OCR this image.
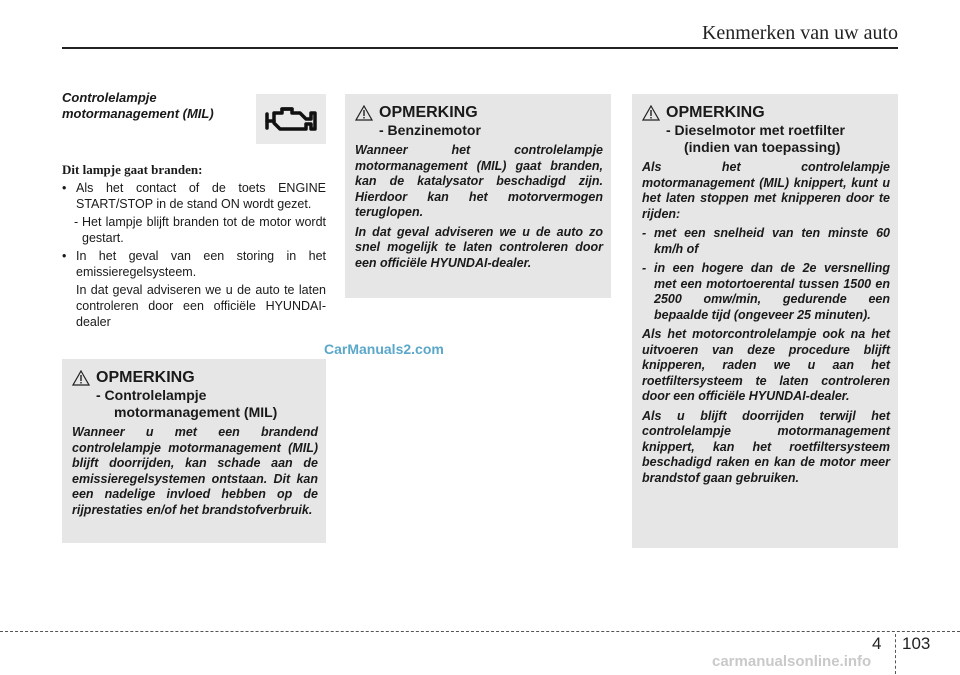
Kenmerken van uw auto
Controlelampje motormanagement (MIL)
Dit lampje gaat branden:
• Als het contact of de toets ENGINE START/STOP in de stand ON wordt gezet.
- Het lampje blijft branden tot de motor wordt gestart.
• In het geval van een storing in het emissieregelsysteem.
In dat geval adviseren we u de auto te laten controleren door een officiële HYUNDAI-dealer
CarManuals2.com
OPMERKING
- Controlelampje
motormanagement (MIL)
Wanneer u met een brandend controlelampje motormanagement (MIL) blijft doorrijden, kan schade aan de emissieregelsystemen ontstaan. Dit kan een nadelige invloed hebben op de rijprestaties en/of het brandstofverbruik.
OPMERKING
- Benzinemotor
Wanneer het controlelampje motormanagement (MIL) gaat branden, kan de katalysator beschadigd zijn. Hierdoor kan het motorvermogen teruglopen.
In dat geval adviseren we u de auto zo snel mogelijk te laten controleren door een officiële HYUNDAI-dealer.
OPMERKING
- Dieselmotor met roetfilter
(indien van toepassing)
Als het controlelampje motormanagement (MIL) knippert, kunt u het laten stoppen met knipperen door te rijden:
- met een snelheid van ten minste 60 km/h of
- in een hogere dan de 2e versnelling met een motortoerental tussen 1500 en 2500 omw/min, gedurende een bepaalde tijd (ongeveer 25 minuten).
Als het motorcontrolelampje ook na het uitvoeren van deze procedure blijft knipperen, raden we u aan het roetfiltersysteem te laten controleren door een officiële HYUNDAI-dealer.
Als u blijft doorrijden terwijl het controlelampje motormanagement knippert, kan het roetfiltersysteem beschadigd raken en kan de motor meer brandstof gaan gebruiken.
4 103
carmanualsonline.info
